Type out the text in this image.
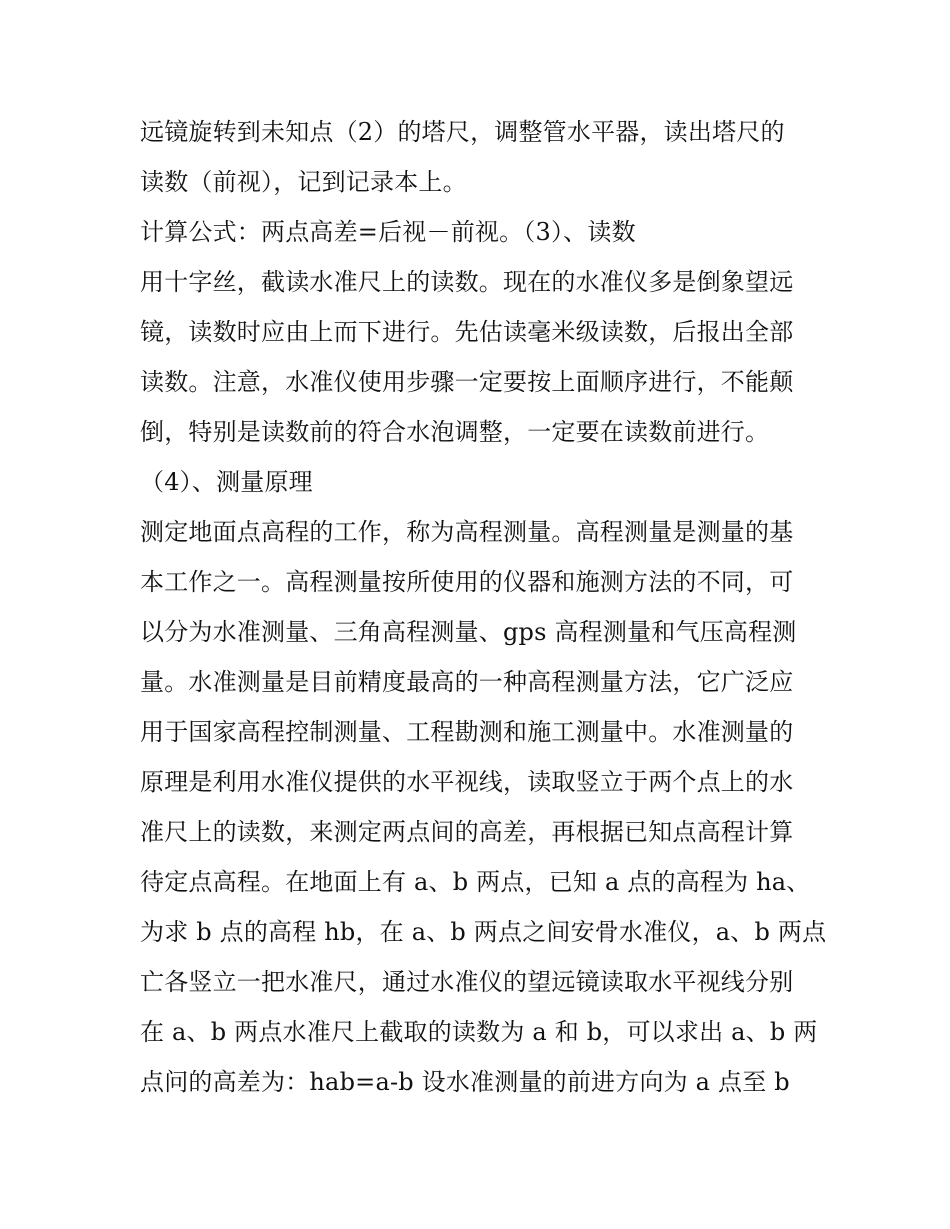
远镜旋转到未知点（2）的塔尺，调整管水平器，读出塔尺的
读数（前视），记到记录本上。
计算公式：两点高差=后视－前视。（3）、读数
用十字丝，截读水准尺上的读数。现在的水准仪多是倒象望远
镜，读数时应由上而下进行。先估读毫米级读数，后报出全部
读数。注意，水准仪使用步骤一定要按上面顺序进行，不能颠
倒，特别是读数前的符合水泡调整，一定要在读数前进行。
（4）、测量原理
测定地面点高程的工作，称为高程测量。高程测量是测量的基
本工作之一。高程测量按所使用的仪器和施测方法的不同，可
以分为水准测量、三角高程测量、gps 高程测量和气压高程测
量。水准测量是目前精度最高的一种高程测量方法，它广泛应
用于国家高程控制测量、工程勘测和施工测量中。水准测量的
原理是利用水准仪提供的水平视线，读取竖立于两个点上的水
准尺上的读数，来测定两点间的高差，再根据已知点高程计算
待定点高程。在地面上有 a、b 两点，已知 a 点的高程为 ha、
为求 b 点的高程 hb，在 a、b 两点之间安骨水准仪，a、b 两点
亡各竖立一把水准尺，通过水准仪的望远镜读取水平视线分别
在 a、b 两点水准尺上截取的读数为 a 和 b，可以求出 a、b 两
点问的高差为：hab=a-b 设水准测量的前进方向为 a 点至 b
